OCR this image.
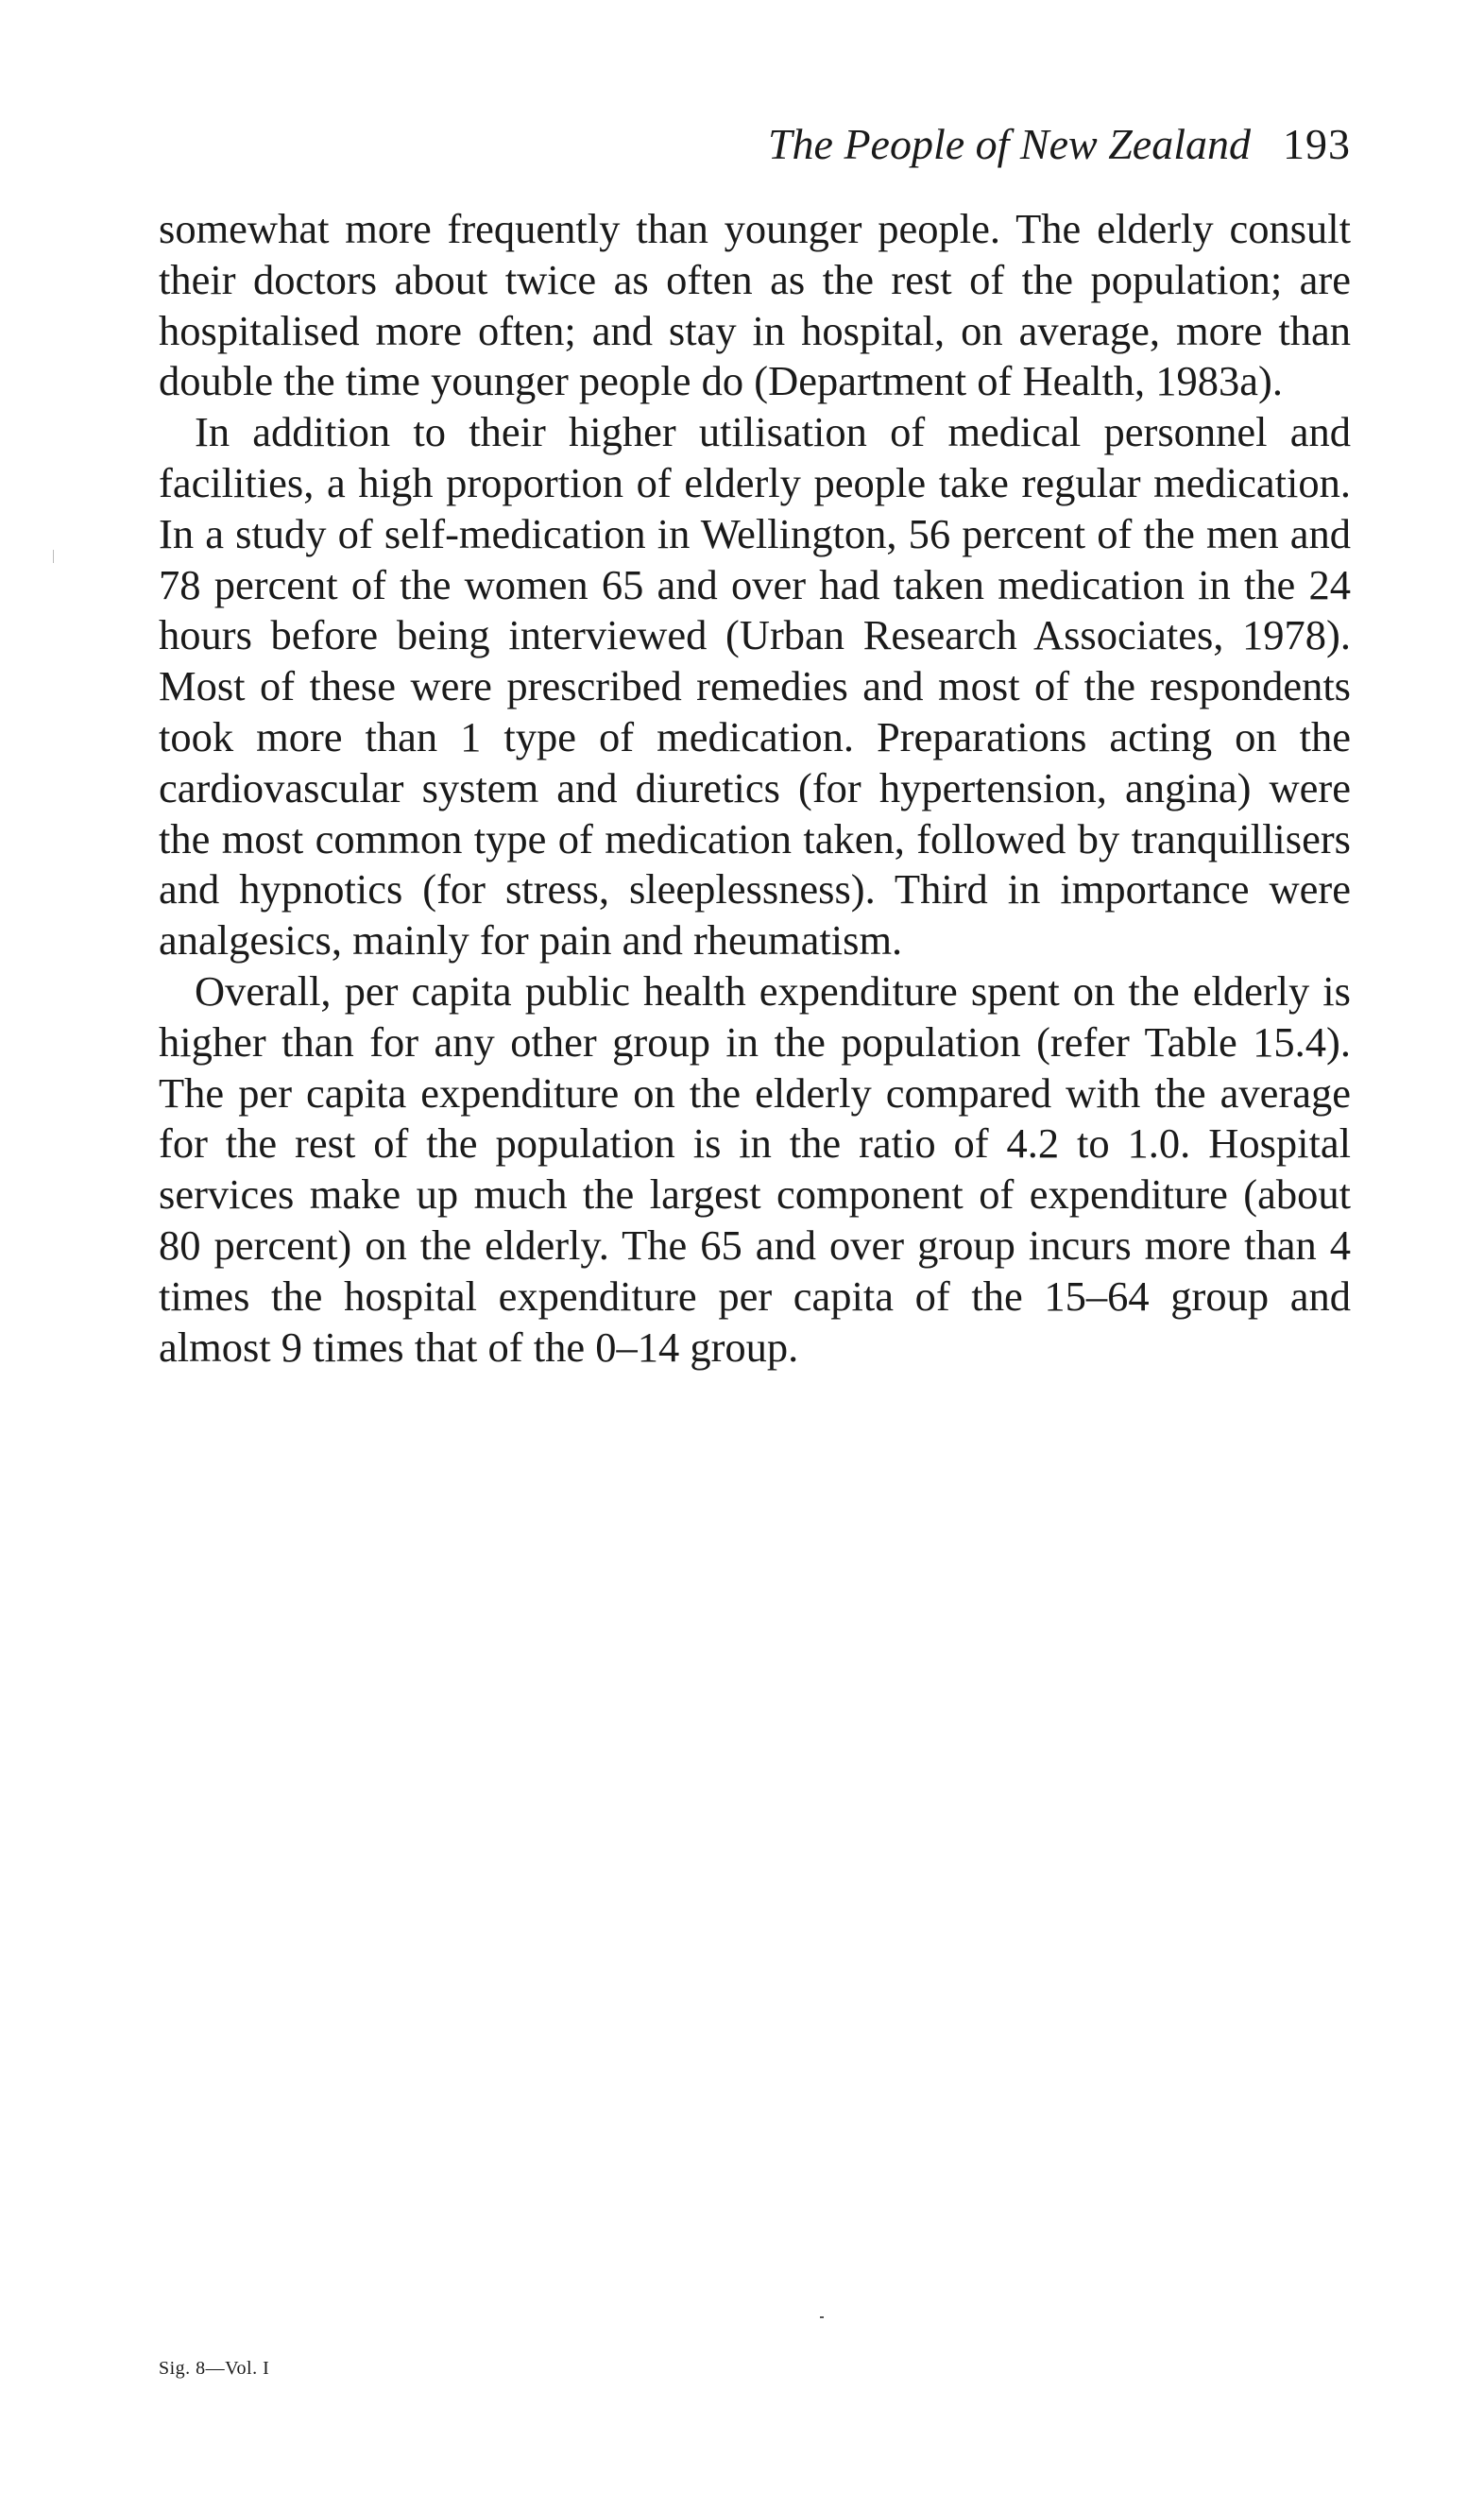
The People of New Zealand 193

somewhat more frequently than younger people. The elderly consult their doctors about twice as often as the rest of the population; are hospitalised more often; and stay in hospital, on average, more than double the time younger people do (Department of Health, 1983a).

In addition to their higher utilisation of medical personnel and facilities, a high proportion of elderly people take regular medication. In a study of self-medication in Wellington, 56 percent of the men and 78 percent of the women 65 and over had taken medication in the 24 hours before being interviewed (Urban Research Associates, 1978). Most of these were prescribed remedies and most of the respondents took more than 1 type of medication. Preparations acting on the cardiovascular system and diuretics (for hypertension, angina) were the most common type of medication taken, followed by tranquillisers and hypnotics (for stress, sleeplessness). Third in importance were analgesics, mainly for pain and rheumatism.

Overall, per capita public health expenditure spent on the elderly is higher than for any other group in the population (refer Table 15.4). The per capita expenditure on the elderly compared with the average for the rest of the population is in the ratio of 4.2 to 1.0. Hospital services make up much the largest component of expenditure (about 80 percent) on the elderly. The 65 and over group incurs more than 4 times the hospital expenditure per capita of the 15–64 group and almost 9 times that of the 0–14 group.

Sig. 8—Vol. I
